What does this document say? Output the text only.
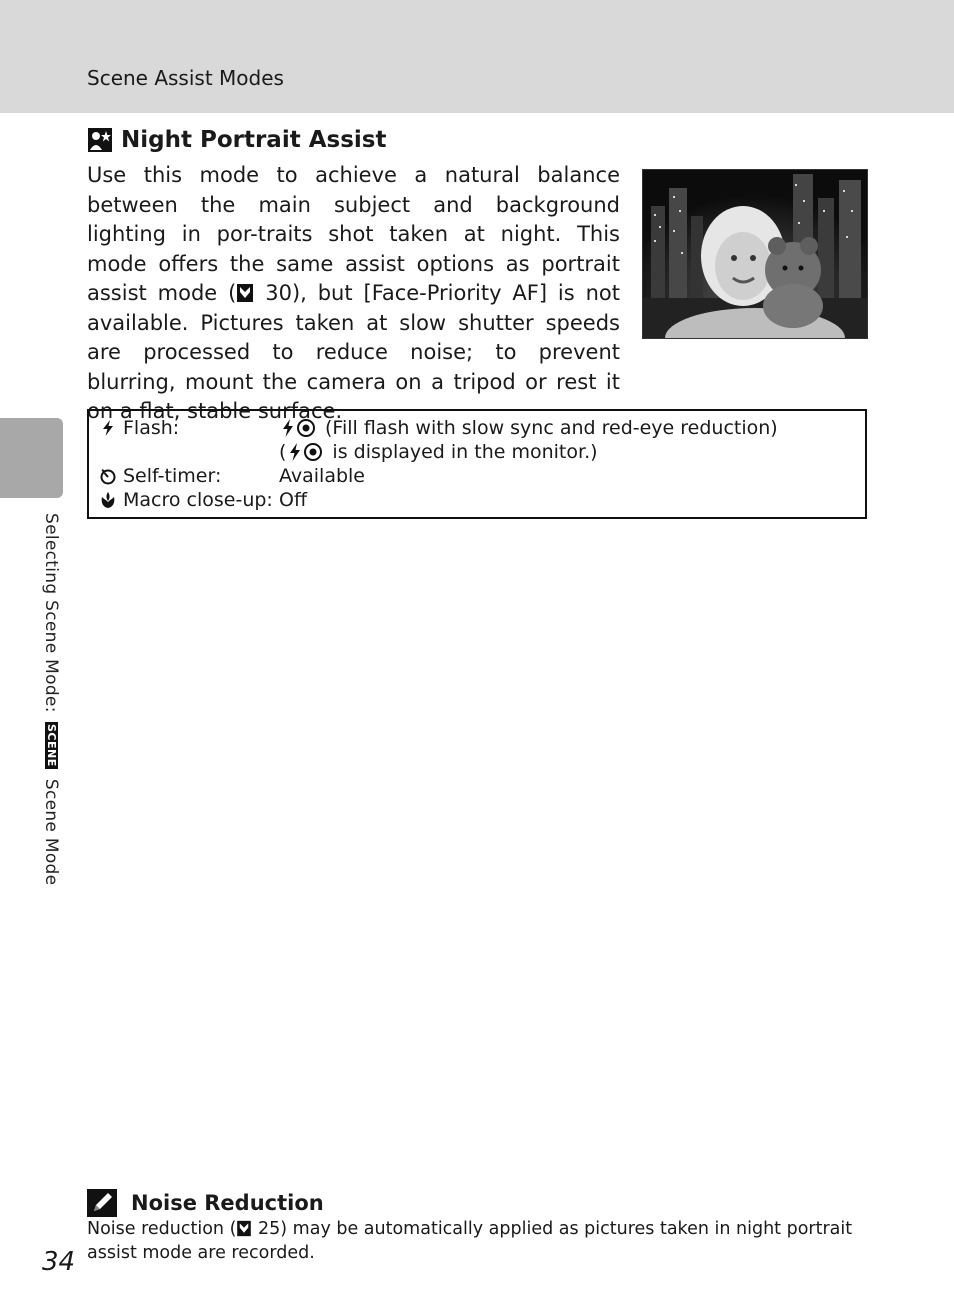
Scene Assist Modes
Selecting Scene Mode: SCENE Scene Mode
Night Portrait Assist
Use this mode to achieve a natural balance between the main subject and background lighting in por-traits shot taken at night. This mode offers the same assist options as portrait assist mode ( 30), but [Face-Priority AF] is not available. Pictures taken at slow shutter speeds are processed to reduce noise; to prevent blurring, mount the camera on a tripod or rest it on a flat, stable surface.
Flash:	(Fill flash with slow sync and red-eye reduction)
( is displayed in the monitor.)
Self-timer:	Available
Macro close-up: Off
Noise Reduction
Noise reduction ( 25) may be automatically applied as pictures taken in night portrait assist mode are recorded.
34
